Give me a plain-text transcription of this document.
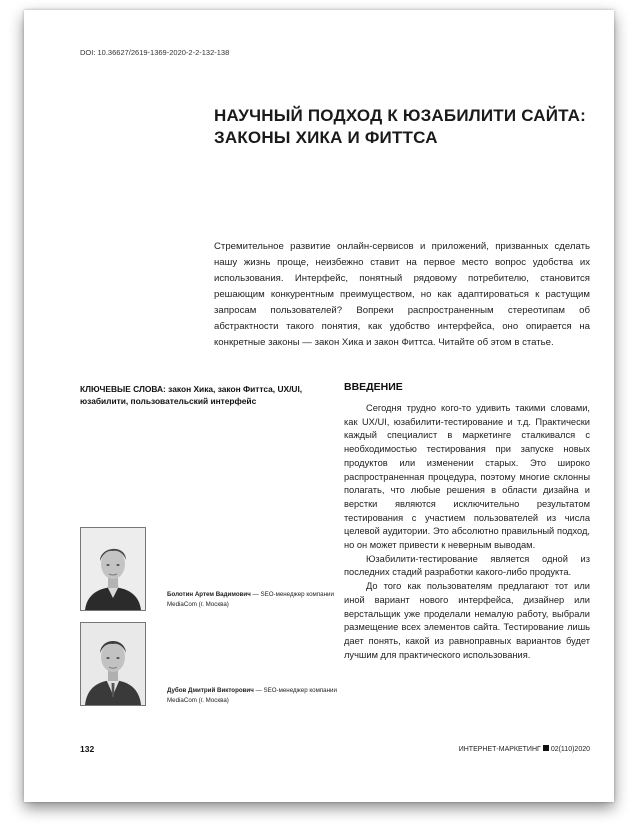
DOI: 10.36627/2619-1369-2020-2-2-132-138
НАУЧНЫЙ ПОДХОД К ЮЗАБИЛИТИ САЙТА:
ЗАКОНЫ ХИКА И ФИТТСА

Стремительное развитие онлайн-сервисов и приложений, призванных сделать нашу жизнь проще, неизбежно ставит на первое место вопрос удобства их использования. Интерфейс, понятный рядовому потребителю, становится решающим конкурентным преимуществом, но как адаптироваться к растущим запросам пользователей? Вопреки распространенным стереотипам об абстрактности такого понятия, как удобство интерфейса, оно опирается на конкретные законы — закон Хика и закон Фиттса. Читайте об этом в статье.

КЛЮЧЕВЫЕ СЛОВА: закон Хика, закон Фиттса, UX/UI, юзабилити, пользовательский интерфейс

Болотин Артем Вадимович — SEO-менеджер компании MediaCom (г. Москва)

Дубов Дмитрий Викторович — SEO-менеджер компании MediaCom (г. Москва)

ВВЕДЕНИЕ

Сегодня трудно кого-то удивить такими словами, как UX/UI, юзабилити-тестирование и т.д. Практически каждый специалист в маркетинге сталкивался с необходимостью тестирования при запуске новых продуктов или изменении старых. Это широко распространенная процедура, поэтому многие склонны полагать, что любые решения в области дизайна и верстки являются исключительно результатом тестирования с участием пользователей из числа целевой аудитории. Это абсолютно правильный подход, но он может привести к неверным выводам.

Юзабилити-тестирование является одной из последних стадий разработки какого-либо продукта.

До того как пользователям предлагают тот или иной вариант нового интерфейса, дизайнер или верстальщик уже проделали немалую работу, выбрали размещение всех элементов сайта. Тестирование лишь дает понять, какой из равноправных вариантов будет лучшим для практического использования.

132	ИНТЕРНЕТ-МАРКЕТИНГ 02(110)2020
